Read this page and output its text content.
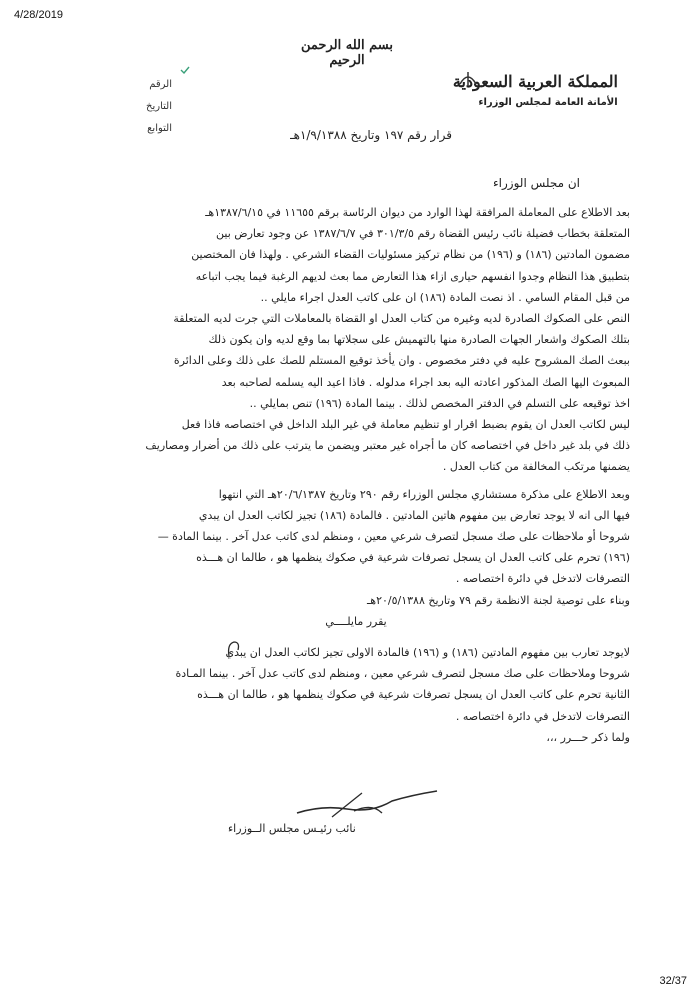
4/28/2019
بسم الله الرحمن الرحيم
المملكة العربية السعودية
الأمانة العامة لمجلس الوزراء
الرقم
التاريخ
التوابع	قرار رقم ١٩٧ وتاريخ ١/٩/١٣٨٨هـ
ان مجلس الوزراء

بعد الاطلاع على المعاملة المرافقة لهذا الوارد من ديوان الرئاسة برقم ١١٦٥٥ في ١٣٨٧/٦/١٥هـ

المتعلقة بخطاب فضيلة نائب رئيس القضاة رقم ٣٠١/٣/٥ في ١٣٨٧/٦/٧ عن وجود تعارض بين

مضمون المادتين (١٨٦) و (١٩٦) من نظام تركيز مسئوليات القضاء الشرعي . ولهذا فان المختصين

بتطبيق هذا النظام وجدوا انفسهم حيارى ازاء هذا التعارض مما بعث لديهم الرغبة فيما يجب اتباعه

من قبل المقام السامي . اذ نصت المادة (١٨٦) ان على كاتب العدل اجراء مايلي ..

النص على الصكوك الصادرة لديه وغيره من كتاب العدل او القضاة بالمعاملات التي جرت لديه المتعلقة

بتلك الصكوك واشعار الجهات الصادرة منها بالتهميش على سجلاتها بما وقع لديه وان يكون ذلك

ببعث الصك المشروح عليه في دفتر مخصوص . وان يأخذ توقيع المستلم للصك على ذلك وعلى الدائرة

المبعوث اليها الصك المذكور اعادته اليه بعد اجراء مدلوله . فاذا اعيد اليه يسلمه لصاحبه بعد

اخذ توقيعه على التسلم في الدفتر المخصص لذلك . بينما المادة (١٩٦) تنص بمايلي ..

ليس لكاتب العدل ان يقوم بضبط اقرار او تنظيم معاملة في غير البلد الداخل في اختصاصه فاذا فعل

ذلك في بلد غير داخل في اختصاصه كان ما أجراه غير معتبر ويضمن ما يترتب على ذلك من أضرار ومصاريف

يضمنها مرتكب المخالفة من كتاب العدل .

وبعد الاطلاع على مذكرة مستشاري مجلس الوزراء رقم ٢٩٠ وتاريخ ٢٠/٦/١٣٨٧هـ التي انتهوا

فيها الى انه لا يوجد تعارض بين مفهوم هاتين المادتين . فالمادة (١٨٦) تجيز لكاتب العدل ان يبدي

شروحا أو ملاحظات على صك مسجل لتصرف شرعي معين ، ومنظم لدى كاتب عدل آخر . بينما المادة —

(١٩٦) تحرم على كاتب العدل ان يسجل تصرفات شرعية في صكوك ينظمها هو ، طالما ان هـــذه

التصرفات لاتدخل في دائرة اختصاصه .

وبناء على توصية لجنة الانظمة رقم ٧٩ وتاريخ ٢٠/٥/١٣٨٨هـ

يقرر مايلــــي

لايوجد تعارب بين مفهوم المادتين (١٨٦) و (١٩٦) فالمادة الاولى تجيز لكاتب العدل ان يبدي

شروحا وملاحظات على صك مسجل لتصرف شرعي معين ، ومنظم لدى كاتب عدل آخر . بينما المـادة

الثانية تحرم على كاتب العدل ان يسجل تصرفات شرعية في صكوك ينظمها هو ، طالما ان هـــذه

التصرفات لاتدخل في دائرة اختصاصه .

ولما ذكر حـــرر ،،،

نائب رئيـس مجلس الــوزراء
32/37
